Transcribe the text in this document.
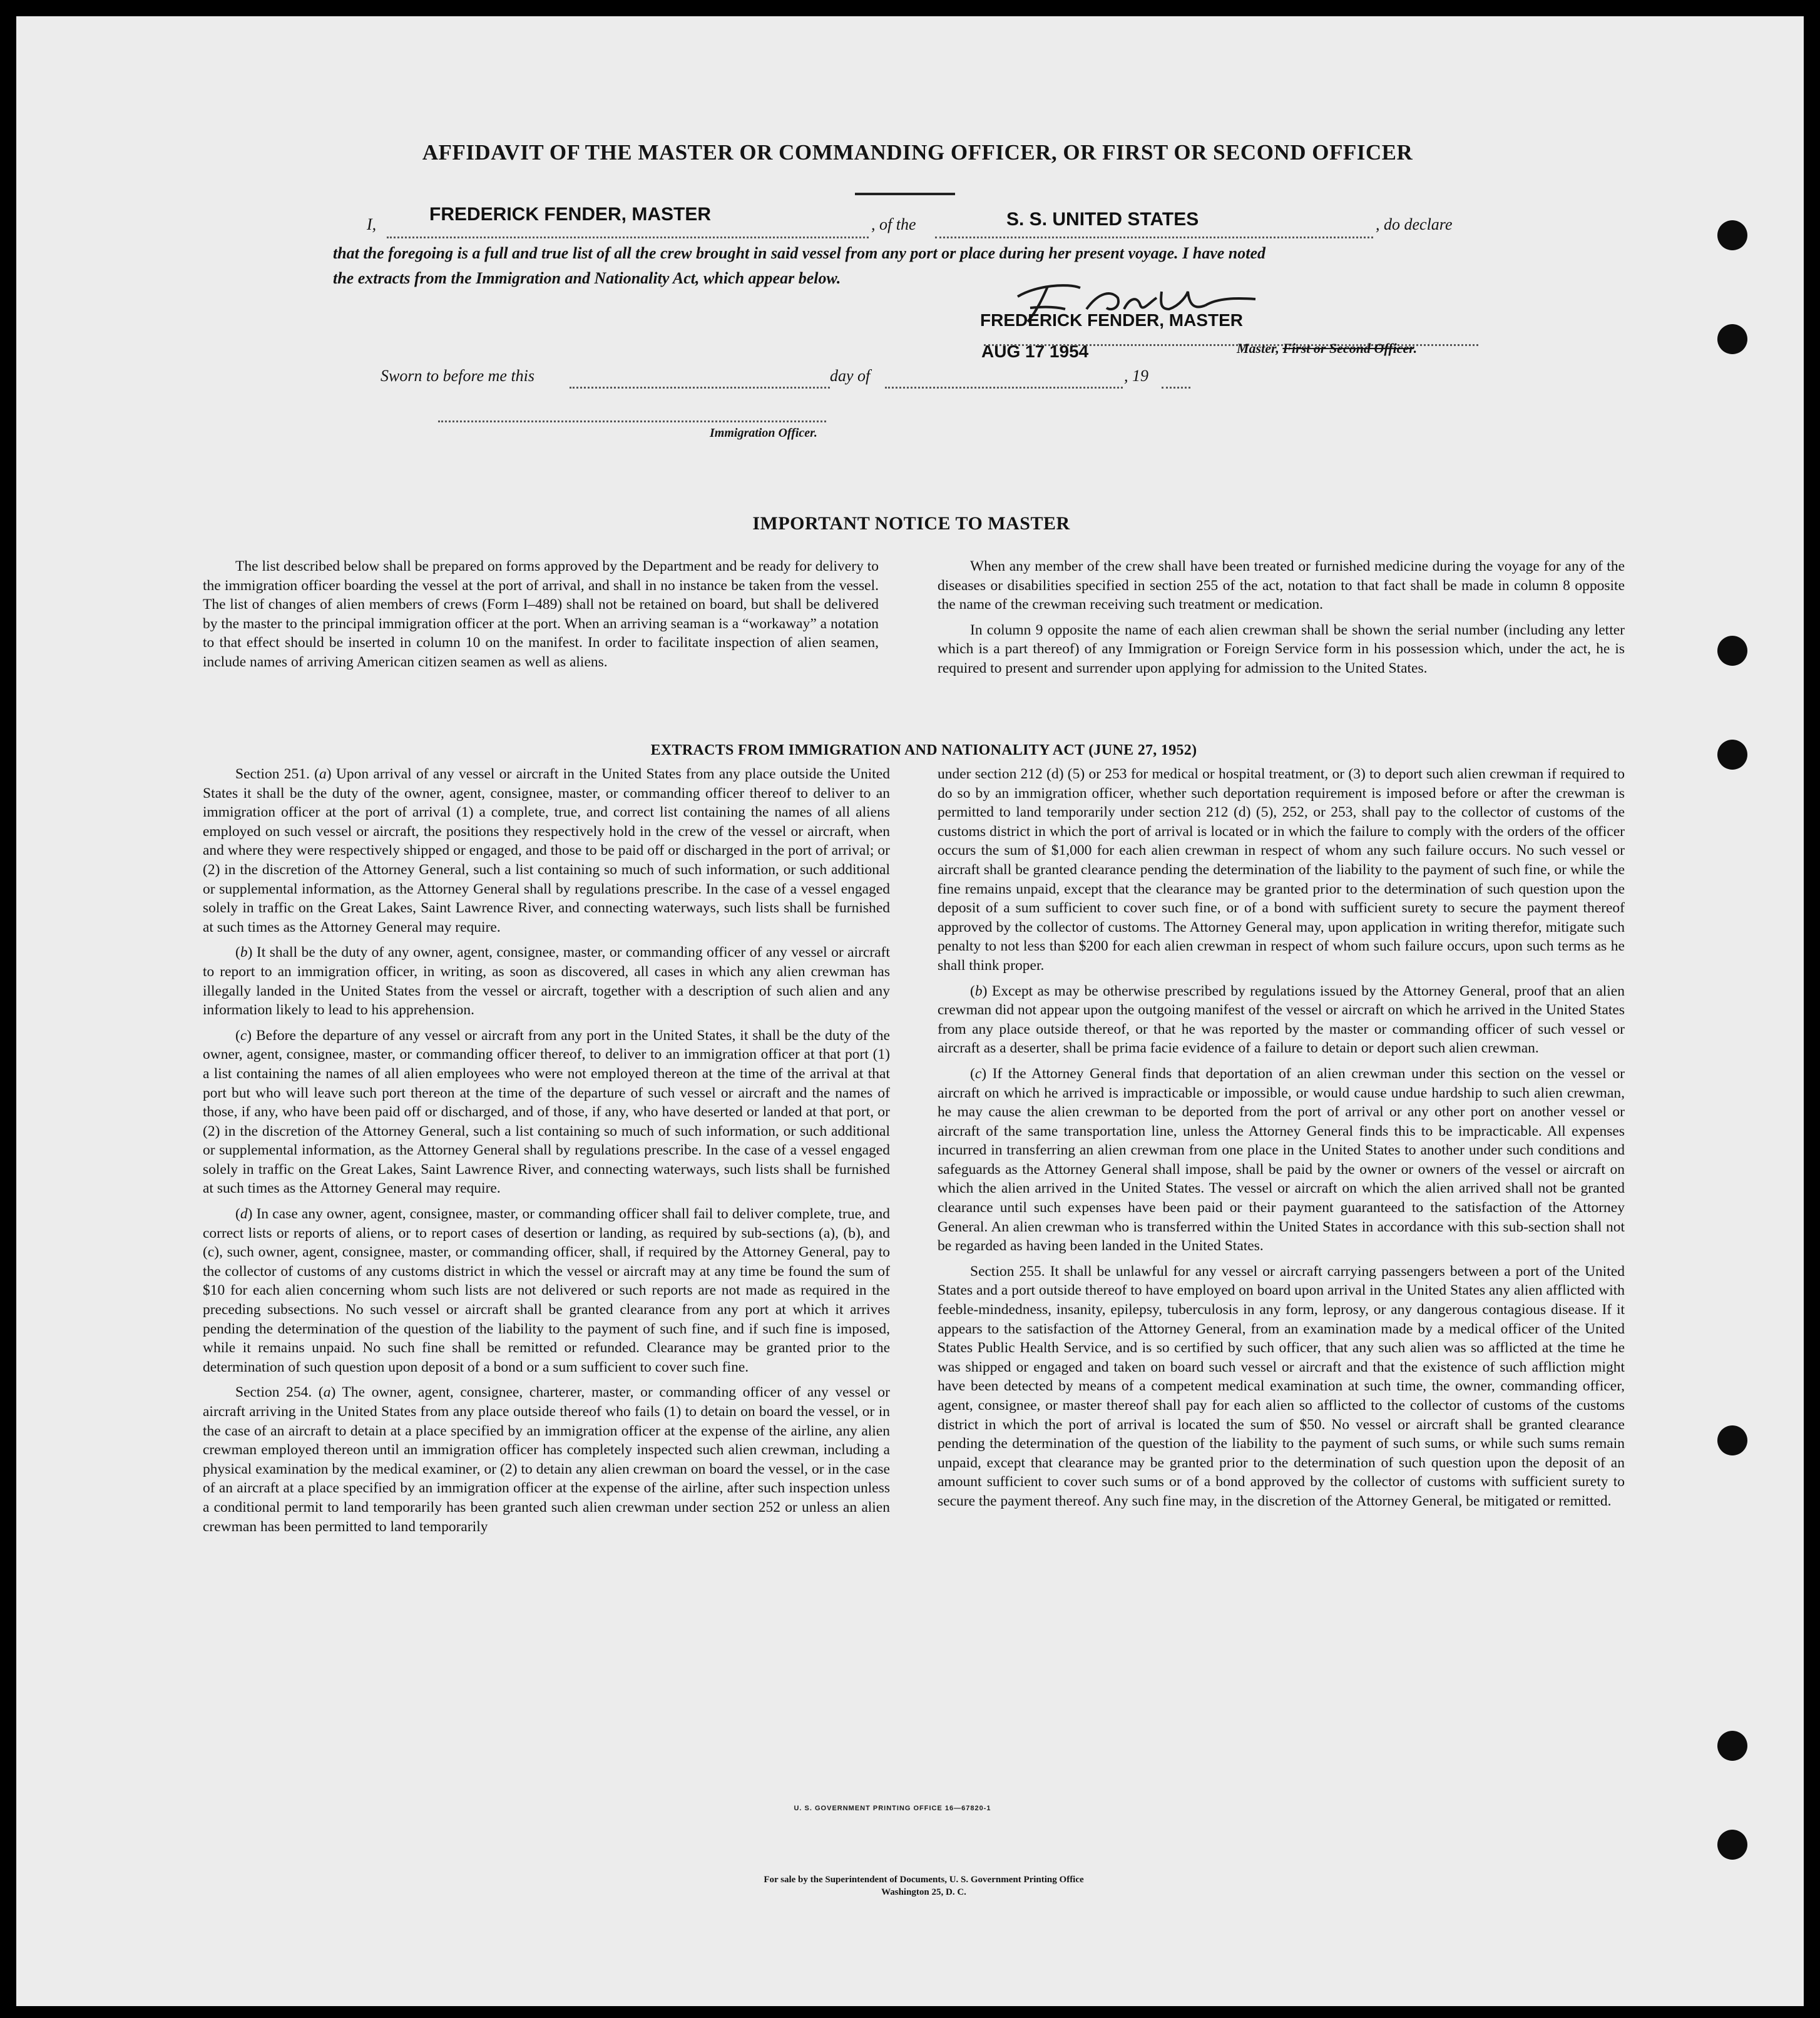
AFFIDAVIT OF THE MASTER OR COMMANDING OFFICER, OR FIRST OR SECOND OFFICER
I,	FREDERICK FENDER, MASTER	, of the	S. S. UNITED STATES	, do declare
that the foregoing is a full and true list of all the crew brought in said vessel from any port or place during her present voyage. I have noted
the extracts from the Immigration and Nationality Act, which appear below.
FREDERICK FENDER, MASTER
AUG 17 1954	Master, First or Second Officer.
Sworn to before me this	day of	, 19
Immigration Officer.
IMPORTANT NOTICE TO MASTER

The list described below shall be prepared on forms approved by the Department and be ready for delivery to the immigration officer boarding the vessel at the port of arrival, and shall in no instance be taken from the vessel. The list of changes of alien members of crews (Form I–489) shall not be retained on board, but shall be delivered by the master to the principal immigration officer at the port. When an arriving seaman is a “workaway” a notation to that effect should be inserted in column 10 on the manifest. In order to facilitate inspection of alien seamen, include names of arriving American citizen seamen as well as aliens.

When any member of the crew shall have been treated or furnished medicine during the voyage for any of the diseases or disabilities specified in section 255 of the act, notation to that fact shall be made in column 8 opposite the name of the crewman receiving such treatment or medication.

In column 9 opposite the name of each alien crewman shall be shown the serial number (including any letter which is a part thereof) of any Immigration or Foreign Service form in his possession which, under the act, he is required to present and surrender upon applying for admission to the United States.

EXTRACTS FROM IMMIGRATION AND NATIONALITY ACT (JUNE 27, 1952)

Section 251. (a) Upon arrival of any vessel or aircraft in the United States from any place outside the United States it shall be the duty of the owner, agent, consignee, master, or commanding officer thereof to deliver to an immigration officer at the port of arrival (1) a complete, true, and correct list containing the names of all aliens employed on such vessel or aircraft, the positions they respectively hold in the crew of the vessel or aircraft, when and where they were respectively shipped or engaged, and those to be paid off or discharged in the port of arrival; or (2) in the discretion of the Attorney General, such a list containing so much of such information, or such additional or supplemental information, as the Attorney General shall by regulations prescribe. In the case of a vessel engaged solely in traffic on the Great Lakes, Saint Lawrence River, and connecting waterways, such lists shall be furnished at such times as the Attorney General may require.

(b) It shall be the duty of any owner, agent, consignee, master, or commanding officer of any vessel or aircraft to report to an immigration officer, in writing, as soon as discovered, all cases in which any alien crewman has illegally landed in the United States from the vessel or aircraft, together with a description of such alien and any information likely to lead to his apprehension.

(c) Before the departure of any vessel or aircraft from any port in the United States, it shall be the duty of the owner, agent, consignee, master, or commanding officer thereof, to deliver to an immigration officer at that port (1) a list containing the names of all alien employees who were not employed thereon at the time of the arrival at that port but who will leave such port thereon at the time of the departure of such vessel or aircraft and the names of those, if any, who have been paid off or discharged, and of those, if any, who have deserted or landed at that port, or (2) in the discretion of the Attorney General, such a list containing so much of such information, or such additional or supplemental information, as the Attorney General shall by regulations prescribe. In the case of a vessel engaged solely in traffic on the Great Lakes, Saint Lawrence River, and connecting waterways, such lists shall be furnished at such times as the Attorney General may require.

(d) In case any owner, agent, consignee, master, or commanding officer shall fail to deliver complete, true, and correct lists or reports of aliens, or to report cases of desertion or landing, as required by sub-sections (a), (b), and (c), such owner, agent, consignee, master, or commanding officer, shall, if required by the Attorney General, pay to the collector of customs of any customs district in which the vessel or aircraft may at any time be found the sum of $10 for each alien concerning whom such lists are not delivered or such reports are not made as required in the preceding subsections. No such vessel or aircraft shall be granted clearance from any port at which it arrives pending the determination of the question of the liability to the payment of such fine, and if such fine is imposed, while it remains unpaid. No such fine shall be remitted or refunded. Clearance may be granted prior to the determination of such question upon deposit of a bond or a sum sufficient to cover such fine.

Section 254. (a) The owner, agent, consignee, charterer, master, or commanding officer of any vessel or aircraft arriving in the United States from any place outside thereof who fails (1) to detain on board the vessel, or in the case of an aircraft to detain at a place specified by an immigration officer at the expense of the airline, any alien crewman employed thereon until an immigration officer has completely inspected such alien crewman, including a physical examination by the medical examiner, or (2) to detain any alien crewman on board the vessel, or in the case of an aircraft at a place specified by an immigration officer at the expense of the airline, after such inspection unless a conditional permit to land temporarily has been granted such alien crewman under section 252 or unless an alien crewman has been permitted to land temporarily

under section 212 (d) (5) or 253 for medical or hospital treatment, or (3) to deport such alien crewman if required to do so by an immigration officer, whether such deportation requirement is imposed before or after the crewman is permitted to land temporarily under section 212 (d) (5), 252, or 253, shall pay to the collector of customs of the customs district in which the port of arrival is located or in which the failure to comply with the orders of the officer occurs the sum of $1,000 for each alien crewman in respect of whom any such failure occurs. No such vessel or aircraft shall be granted clearance pending the determination of the liability to the payment of such fine, or while the fine remains unpaid, except that the clearance may be granted prior to the determination of such question upon the deposit of a sum sufficient to cover such fine, or of a bond with sufficient surety to secure the payment thereof approved by the collector of customs. The Attorney General may, upon application in writing therefor, mitigate such penalty to not less than $200 for each alien crewman in respect of whom such failure occurs, upon such terms as he shall think proper.

(b) Except as may be otherwise prescribed by regulations issued by the Attorney General, proof that an alien crewman did not appear upon the outgoing manifest of the vessel or aircraft on which he arrived in the United States from any place outside thereof, or that he was reported by the master or commanding officer of such vessel or aircraft as a deserter, shall be prima facie evidence of a failure to detain or deport such alien crewman.

(c) If the Attorney General finds that deportation of an alien crewman under this section on the vessel or aircraft on which he arrived is impracticable or impossible, or would cause undue hardship to such alien crewman, he may cause the alien crewman to be deported from the port of arrival or any other port on another vessel or aircraft of the same transportation line, unless the Attorney General finds this to be impracticable. All expenses incurred in transferring an alien crewman from one place in the United States to another under such conditions and safeguards as the Attorney General shall impose, shall be paid by the owner or owners of the vessel or aircraft on which the alien arrived in the United States. The vessel or aircraft on which the alien arrived shall not be granted clearance until such expenses have been paid or their payment guaranteed to the satisfaction of the Attorney General. An alien crewman who is transferred within the United States in accordance with this sub-section shall not be regarded as having been landed in the United States.

Section 255. It shall be unlawful for any vessel or aircraft carrying passengers between a port of the United States and a port outside thereof to have employed on board upon arrival in the United States any alien afflicted with feeble-mindedness, insanity, epilepsy, tuberculosis in any form, leprosy, or any dangerous contagious disease. If it appears to the satisfaction of the Attorney General, from an examination made by a medical officer of the United States Public Health Service, and is so certified by such officer, that any such alien was so afflicted at the time he was shipped or engaged and taken on board such vessel or aircraft and that the existence of such affliction might have been detected by means of a competent medical examination at such time, the owner, commanding officer, agent, consignee, or master thereof shall pay for each alien so afflicted to the collector of customs of the customs district in which the port of arrival is located the sum of $50. No vessel or aircraft shall be granted clearance pending the determination of the question of the liability to the payment of such sums, or while such sums remain unpaid, except that clearance may be granted prior to the determination of such question upon the deposit of an amount sufficient to cover such sums or of a bond approved by the collector of customs with sufficient surety to secure the payment thereof. Any such fine may, in the discretion of the Attorney General, be mitigated or remitted.

U. S. GOVERNMENT PRINTING OFFICE 16—67820-1
For sale by the Superintendent of Documents, U. S. Government Printing Office
Washington 25, D. C.
